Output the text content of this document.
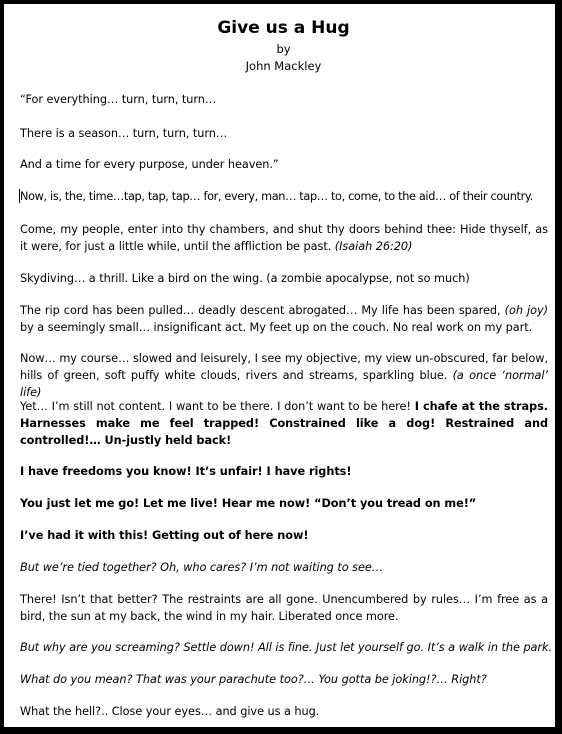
Give us a Hug
by
John Mackley

“For everything… turn, turn, turn…

There is a season… turn, turn, turn…

And a time for every purpose, under heaven.”

Now, is, the, time…tap, tap, tap… for, every, man… tap… to, come, to the aid… of their country.

Come, my people, enter into thy chambers, and shut thy doors behind thee: Hide thyself, as it were, for just a little while, until the affliction be past. (Isaiah 26:20)

Skydiving… a thrill. Like a bird on the wing. (a zombie apocalypse, not so much)

The rip cord has been pulled… deadly descent abrogated… My life has been spared, (oh joy) by a seemingly small… insignificant act. My feet up on the couch. No real work on my part.

Now… my course… slowed and leisurely, I see my objective, my view un-obscured, far below, hills of green, soft puffy white clouds, rivers and streams, sparkling blue. (a once ‘normal’ life)

Yet… I’m still not content. I want to be there. I don’t want to be here! I chafe at the straps. Harnesses make me feel trapped! Constrained like a dog! Restrained and controlled!… Un-justly held back!

I have freedoms you know! It’s unfair! I have rights!

You just let me go! Let me live! Hear me now! “Don’t you tread on me!”

I’ve had it with this! Getting out of here now!

But we’re tied together? Oh, who cares? I’m not waiting to see…

There! Isn’t that better? The restraints are all gone. Unencumbered by rules… I’m free as a bird, the sun at my back, the wind in my hair. Liberated once more.

But why are you screaming? Settle down! All is fine. Just let yourself go. It’s a walk in the park.

What do you mean? That was your parachute too?… You gotta be joking!?… Right?

What the hell?.. Close your eyes… and give us a hug.
